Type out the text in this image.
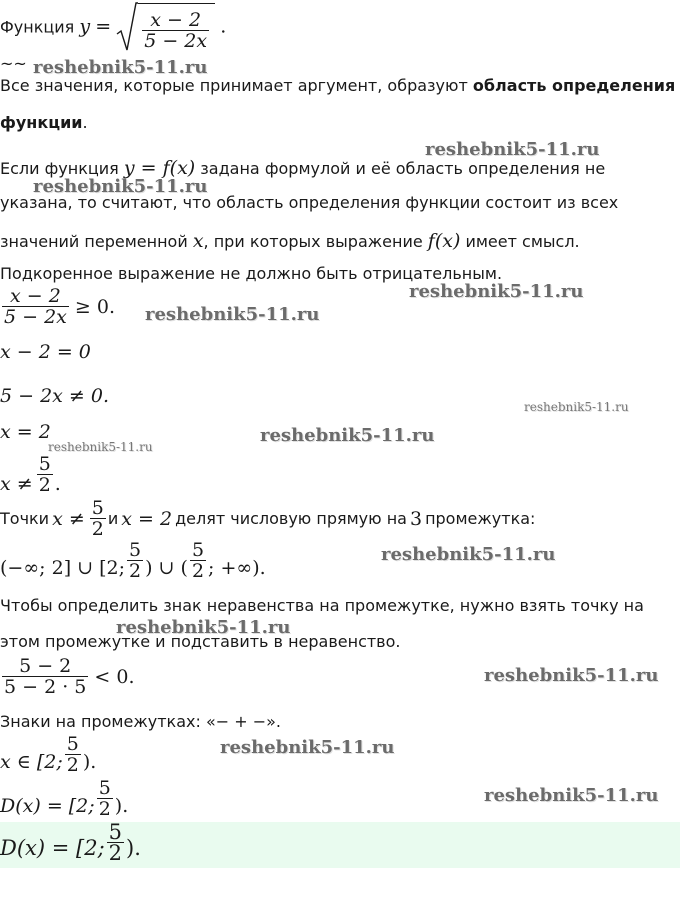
Функция $y = \frac{x - 2}{5 - 2x}$ .
~~
Все значения, которые принимает аргумент, образуют область определения
функции.
Если функция y = f(x) задана формулой и её область определения не
указана, то считают, что область определения функции состоит из всех
значений переменной x, при которых выражение f(x) имеет смысл.
Подкоренное выражение не должно быть отрицательным.
$\frac{x - 2}{5 - 2x} \ge 0$.
x − 2 = 0
5 − 2x ≠ 0.
x = 2
$x \ne \frac{5}{2}$ .
Точки $x \ne \frac{5}{2}$ и x = 2 делят числовую прямую на 3 промежутка:
(−∞; 2] ∪ [2; $\frac{5}{2}$ ) ∪ ( $\frac{5}{2}$ ; +∞).
Чтобы определить знак неравенства на промежутке, нужно взять точку на
этом промежутке и подставить в неравенство.
$\frac{5 - 2}{5 - 2 \cdot 5} < 0$.
Знаки на промежутках: «− + −».
x ∈ [2; $\frac{5}{2}$ ).
D(x) = [2; $\frac{5}{2}$ ).
D(x) = [2; $\frac{5}{2}$ ).
reshebnik5-11.ru
reshebnik5-11.ru
reshebnik5-11.ru
reshebnik5-11.ru
reshebnik5-11.ru
reshebnik5-11.ru
reshebnik5-11.ru
reshebnik5-11.ru
reshebnik5-11.ru
reshebnik5-11.ru
reshebnik5-11.ru
reshebnik5-11.ru
reshebnik5-11.ru
